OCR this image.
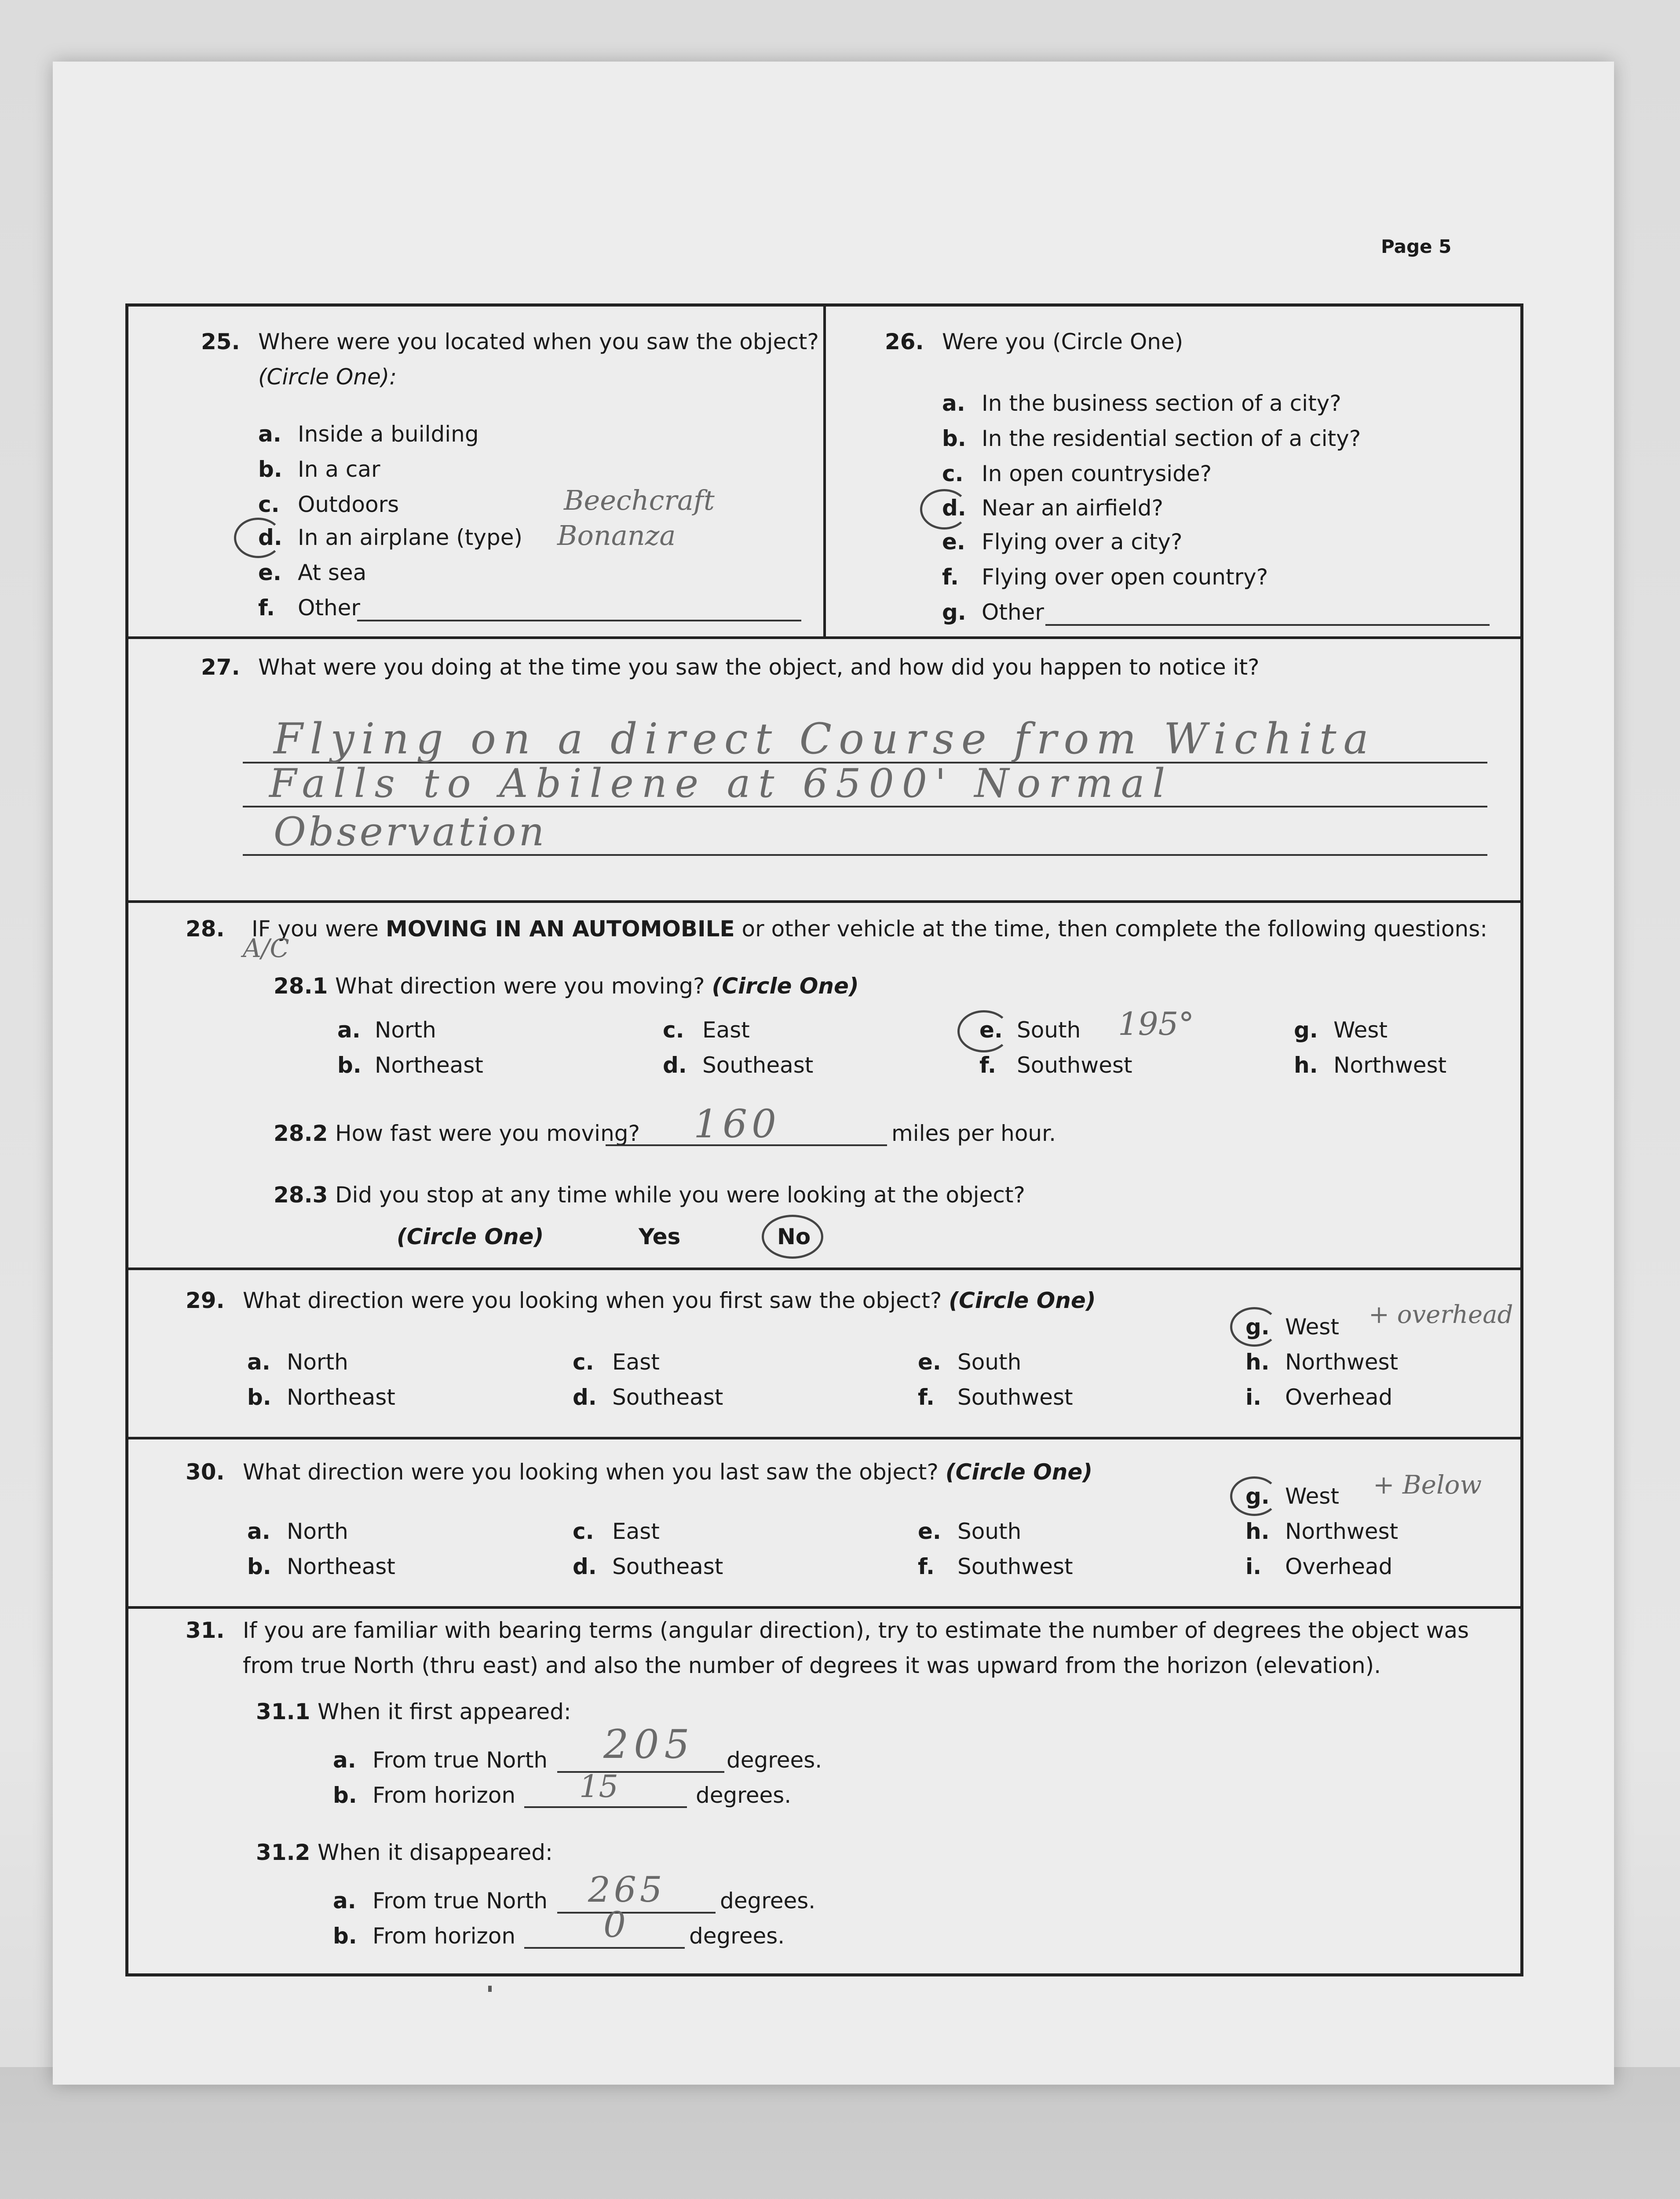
Page 5
25. Where were you located when you saw the object?
(Circle One):
a. Inside a building
b. In a car
c. Outdoors
d. In an airplane (type)
e. At sea
f. Other
Beechcraft
Bonanza
26. Were you (Circle One)
a. In the business section of a city?
b. In the residential section of a city?
c. In open countryside?
d. Near an airfield?
e. Flying over a city?
f. Flying over open country?
g. Other
27. What were you doing at the time you saw the object, and how did you happen to notice it?
Flying on a direct Course from Wichita
Falls to Abilene at 6500' Normal
Observation
28. IF you were MOVING IN AN AUTOMOBILE or other vehicle at the time, then complete the following questions:
A/C
28.1 What direction were you moving? (Circle One)
a. North
b. Northeast
c. East
d. Southeast
e. South
f. Southwest
g. West
h. Northwest
195°
28.2 How fast were you moving? 160	miles per hour.
28.3 Did you stop at any time while you were looking at the object?
(Circle One)	Yes	No
29. What direction were you looking when you first saw the object? (Circle One)
a. North
b. Northeast
c. East
d. Southeast
e. South
f. Southwest
g. West
h. Northwest
i. Overhead
+ overhead
30. What direction were you looking when you last saw the object? (Circle One)
a. North
b. Northeast
c. East
d. Southeast
e. South
f. Southwest
g. West
h. Northwest
i. Overhead
+ Below
31. If you are familiar with bearing terms (angular direction), try to estimate the number of degrees the object was
from true North (thru east) and also the number of degrees it was upward from the horizon (elevation).
31.1 When it first appeared:
a. From true North 205 degrees.
b. From horizon 15	degrees.
31.2 When it disappeared:
a. From true North 265 degrees.
b. From horizon 0	degrees.
